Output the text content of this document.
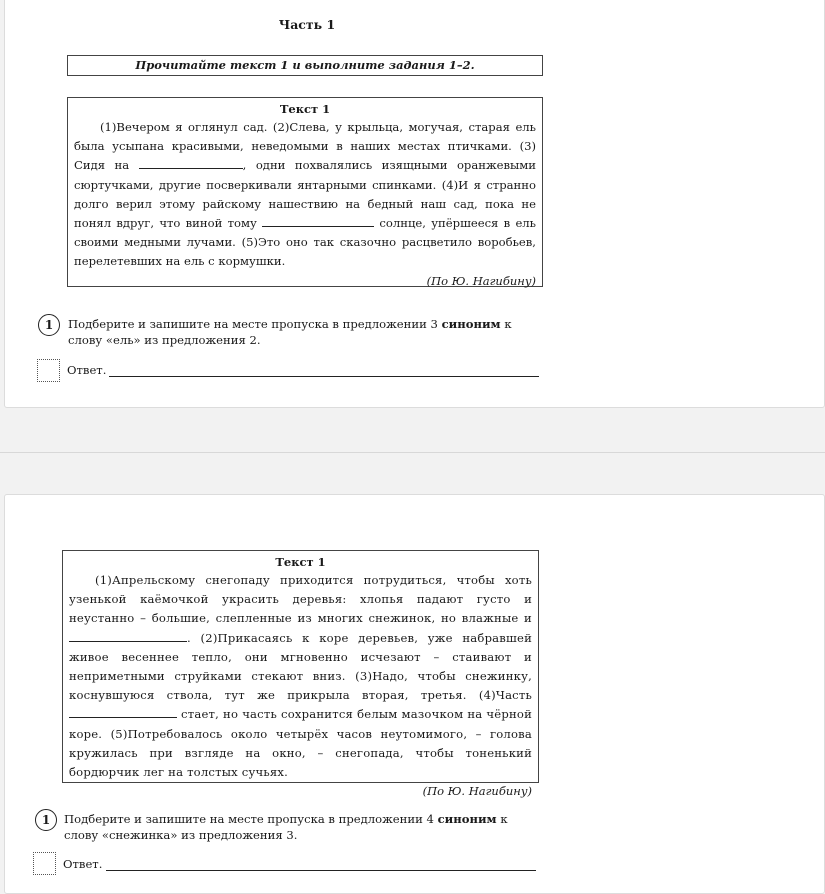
Часть 1
Прочитайте текст 1 и выполните задания 1–2.
Текст 1

(1)Вечером я оглянул сад. (2)Слева, у крыльца, могучая, старая ель была усыпана красивыми, неведомыми в наших местах птичками. (3) Сидя на	, одни похвалялись изящными оранжевыми сюртучками, другие посверкивали янтарными спинками. (4)И я странно долго верил этому райскому нашествию на бедный наш сад, пока не понял вдруг, что виной тому	солнце, упёршееся в ель своими медными лучами. (5)Это оно так сказочно расцветило воробьев, перелетевших на ель с кормушки.

(По Ю. Нагибину)
1	Подберите и запишите на месте пропуска в предложении 3 синоним к слову «ель» из предложения 2.
Ответ.
Текст 1

(1)Апрельскому снегопаду приходится потрудиться, чтобы хоть узенькой каёмочкой украсить деревья: хлопья падают густо и неустанно – большие, слепленные из многих снежинок, но влажные и. (2)Прикасаясь к коре деревьев, уже набравшей живое весеннее тепло, они мгновенно исчезают – стаивают и неприметными струйками стекают вниз. (3)Надо, чтобы снежинку, коснувшуюся ствола, тут же прикрыла вторая, третья. (4)Часть  стает, но часть сохранится белым мазочком на чёрной коре. (5)Потребовалось около четырёх часов неутомимого, – голова кружилась при взгляде на окно, – снегопада, чтобы тоненький бордюрчик лег на толстых сучьях.

(По Ю. Нагибину)
1	Подберите и запишите на месте пропуска в предложении 4 синоним к слову «снежинка» из предложения 3.
Ответ.
